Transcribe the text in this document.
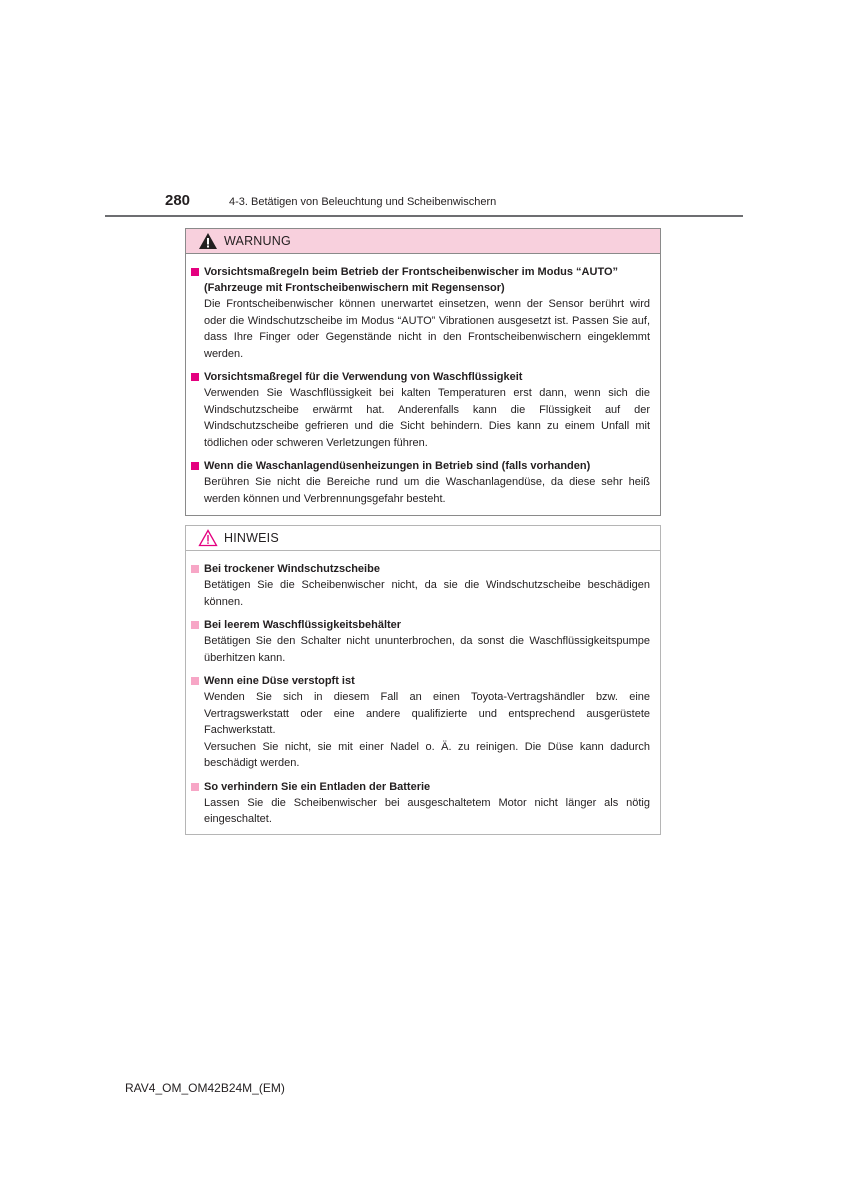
280	4-3. Betätigen von Beleuchtung und Scheibenwischern
WARNUNG
Vorsichtsmaßregeln beim Betrieb der Frontscheibenwischer im Modus “AUTO” (Fahrzeuge mit Frontscheibenwischern mit Regensensor)
Die Frontscheibenwischer können unerwartet einsetzen, wenn der Sensor berührt wird oder die Windschutzscheibe im Modus “AUTO” Vibrationen ausgesetzt ist. Passen Sie auf, dass Ihre Finger oder Gegenstände nicht in den Frontscheibenwischern eingeklemmt werden.
Vorsichtsmaßregel für die Verwendung von Waschflüssigkeit
Verwenden Sie Waschflüssigkeit bei kalten Temperaturen erst dann, wenn sich die Windschutzscheibe erwärmt hat. Anderenfalls kann die Flüssigkeit auf der Windschutzscheibe gefrieren und die Sicht behindern. Dies kann zu einem Unfall mit tödlichen oder schweren Verletzungen führen.
Wenn die Waschanlagendüsenheizungen in Betrieb sind (falls vorhanden)
Berühren Sie nicht die Bereiche rund um die Waschanlagendüse, da diese sehr heiß werden können und Verbrennungsgefahr besteht.
HINWEIS
Bei trockener Windschutzscheibe
Betätigen Sie die Scheibenwischer nicht, da sie die Windschutzscheibe beschädigen können.
Bei leerem Waschflüssigkeitsbehälter
Betätigen Sie den Schalter nicht ununterbrochen, da sonst die Waschflüssigkeitspumpe überhitzen kann.
Wenn eine Düse verstopft ist
Wenden Sie sich in diesem Fall an einen Toyota-Vertragshändler bzw. eine Vertragswerkstatt oder eine andere qualifizierte und entsprechend ausgerüstete Fachwerkstatt.
Versuchen Sie nicht, sie mit einer Nadel o. Ä. zu reinigen. Die Düse kann dadurch beschädigt werden.
So verhindern Sie ein Entladen der Batterie
Lassen Sie die Scheibenwischer bei ausgeschaltetem Motor nicht länger als nötig eingeschaltet.
RAV4_OM_OM42B24M_(EM)
